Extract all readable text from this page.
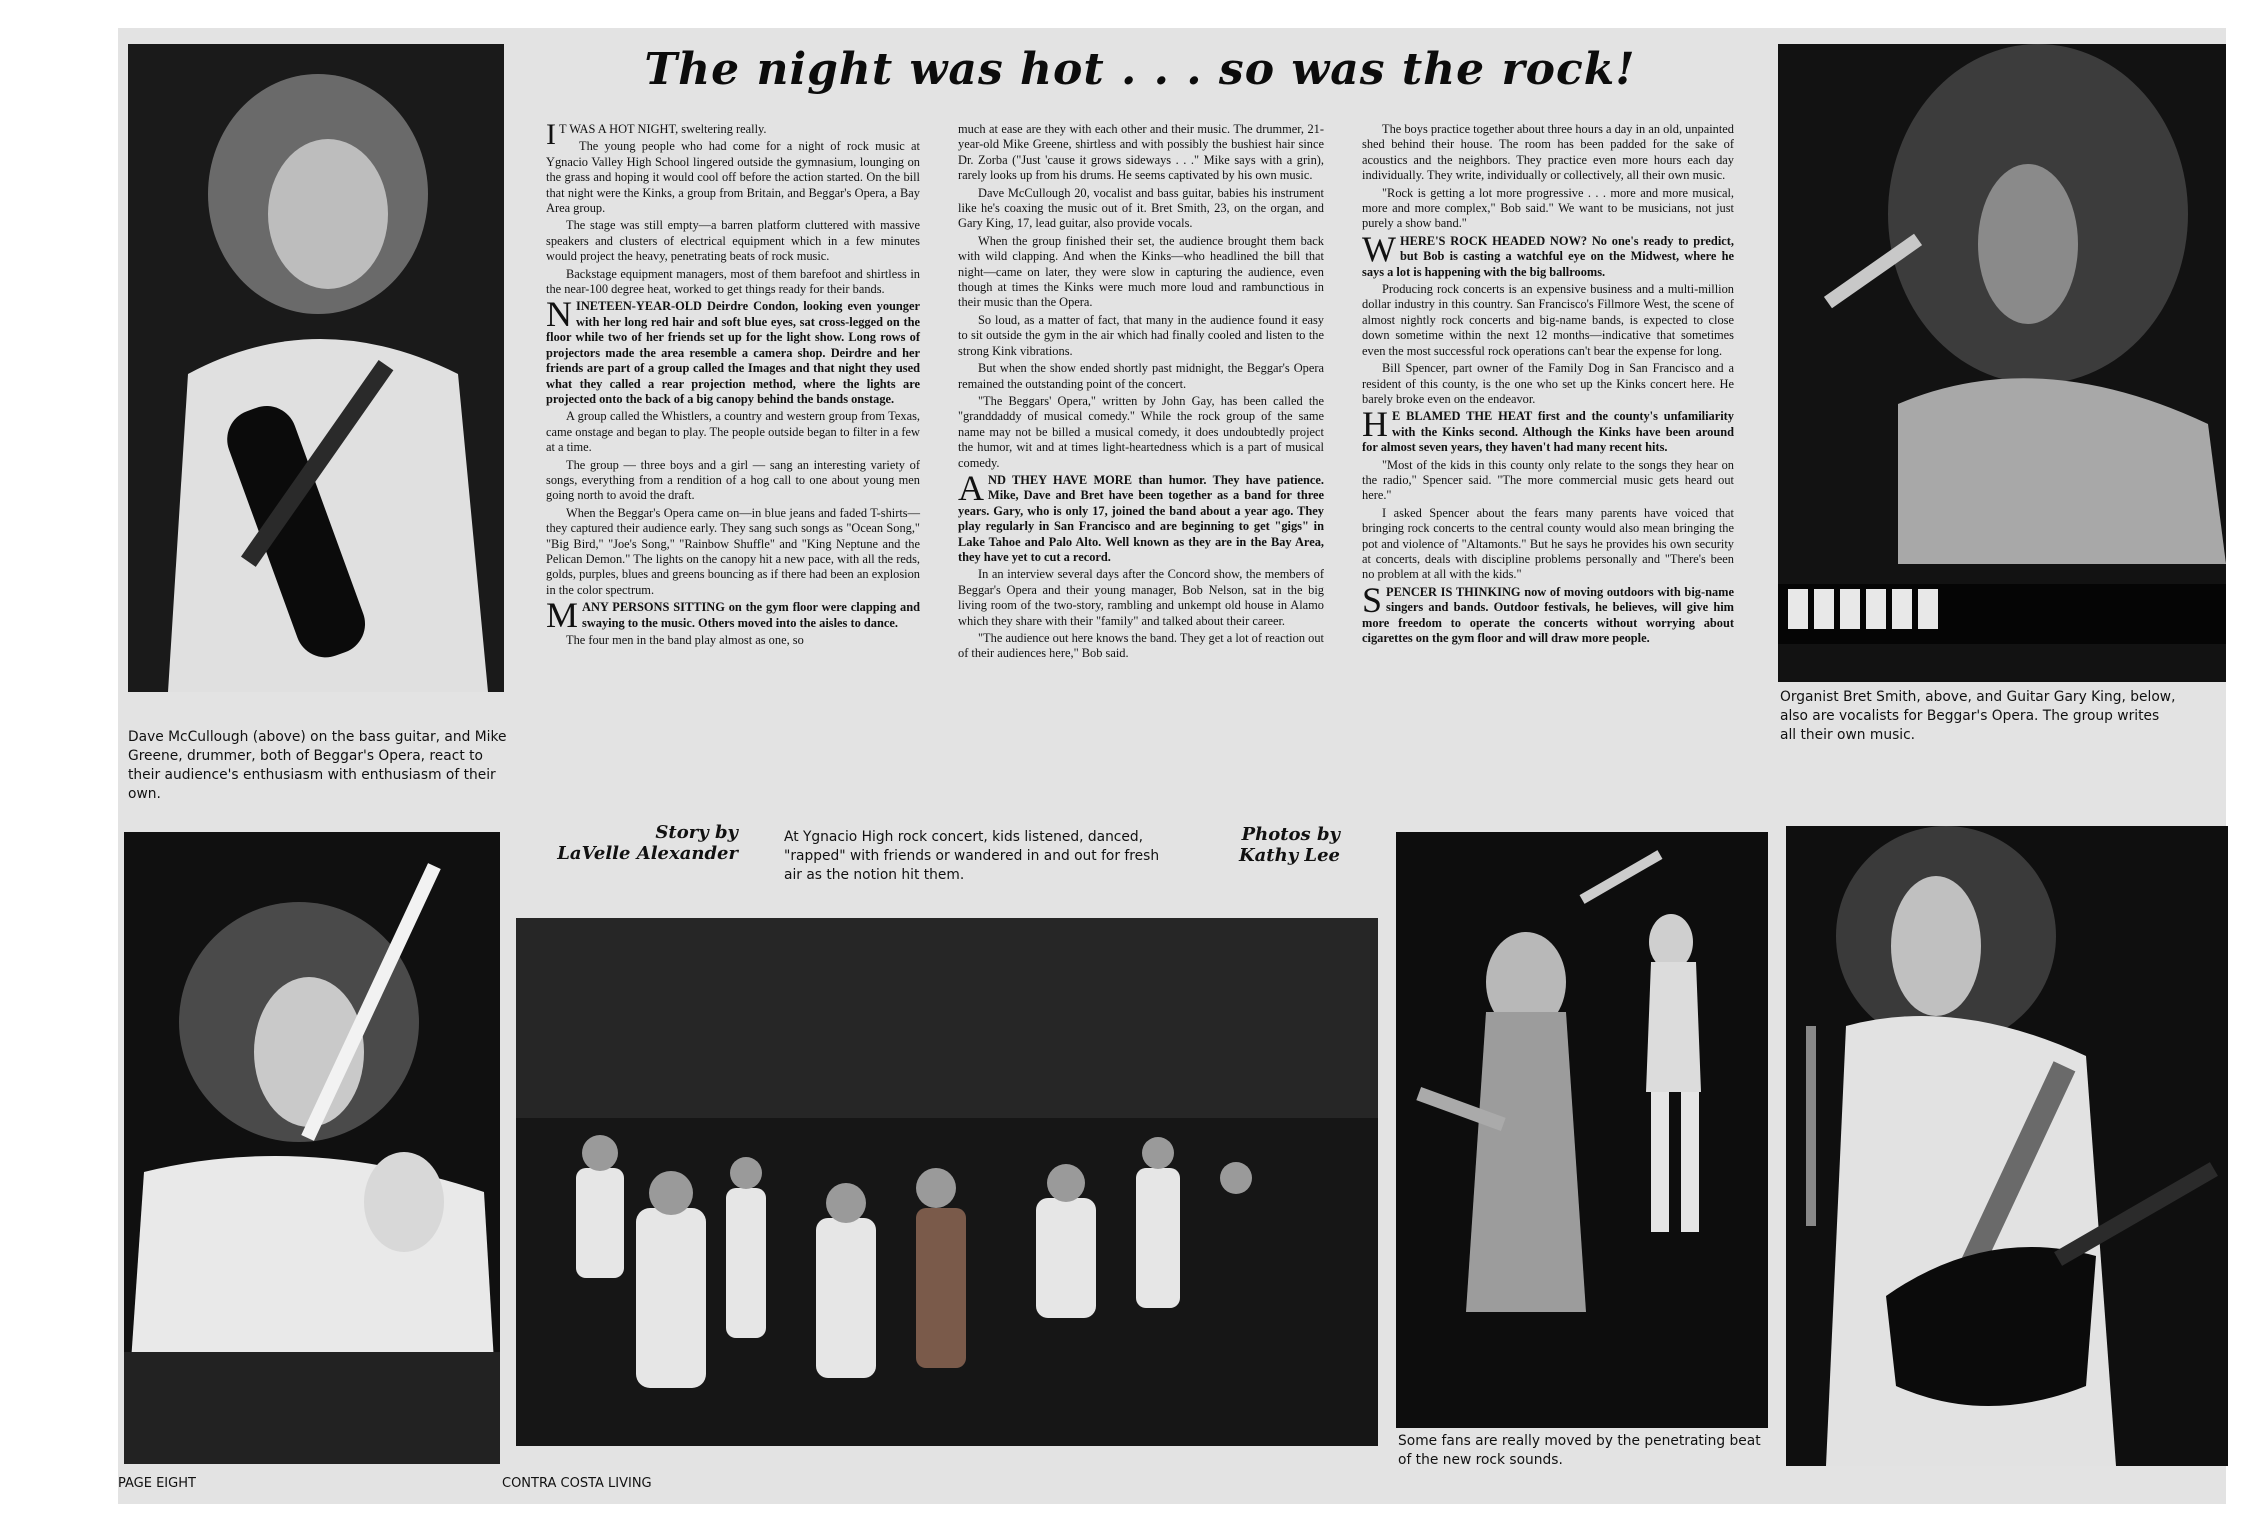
The night was hot . . . so was the rock!

I T WAS A HOT NIGHT, sweltering really.

The young people who had come for a night of rock music at Ygnacio Valley High School lingered outside the gymnasium, lounging on the grass and hoping it would cool off before the action started. On the bill that night were the Kinks, a group from Britain, and Beggar's Opera, a Bay Area group.

The stage was still empty—a barren platform cluttered with massive speakers and clusters of electrical equipment which in a few minutes would project the heavy, penetrating beats of rock music.

Backstage equipment managers, most of them barefoot and shirtless in the near-100 degree heat, worked to get things ready for their bands.

NINETEEN-YEAR-OLD Deirdre Condon, looking even younger with her long red hair and soft blue eyes, sat cross-legged on the floor while two of her friends set up for the light show. Long rows of projectors made the area resemble a camera shop. Deirdre and her friends are part of a group called the Images and that night they used what they called a rear projection method, where the lights are projected onto the back of a big canopy behind the bands onstage.

A group called the Whistlers, a country and western group from Texas, came onstage and began to play. The people outside began to filter in a few at a time.

The group — three boys and a girl — sang an interesting variety of songs, everything from a rendition of a hog call to one about young men going north to avoid the draft.

When the Beggar's Opera came on—in blue jeans and faded T-shirts—they captured their audience early. They sang such songs as "Ocean Song," "Big Bird," "Joe's Song," "Rainbow Shuffle" and "King Neptune and the Pelican Demon." The lights on the canopy hit a new pace, with all the reds, golds, purples, blues and greens bouncing as if there had been an explosion in the color spectrum.

MANY PERSONS SITTING on the gym floor were clapping and swaying to the music. Others moved into the aisles to dance.

The four men in the band play almost as one, so

much at ease are they with each other and their music. The drummer, 21-year-old Mike Greene, shirtless and with possibly the bushiest hair since Dr. Zorba ("Just 'cause it grows sideways . . ." Mike says with a grin), rarely looks up from his drums. He seems captivated by his own music.

Dave McCullough 20, vocalist and bass guitar, babies his instrument like he's coaxing the music out of it. Bret Smith, 23, on the organ, and Gary King, 17, lead guitar, also provide vocals.

When the group finished their set, the audience brought them back with wild clapping. And when the Kinks—who headlined the bill that night—came on later, they were slow in capturing the audience, even though at times the Kinks were much more loud and rambunctious in their music than the Opera.

So loud, as a matter of fact, that many in the audience found it easy to sit outside the gym in the air which had finally cooled and listen to the strong Kink vibrations.

But when the show ended shortly past midnight, the Beggar's Opera remained the outstanding point of the concert.

"The Beggars' Opera," written by John Gay, has been called the "granddaddy of musical comedy." While the rock group of the same name may not be billed a musical comedy, it does undoubtedly project the humor, wit and at times light-heartedness which is a part of musical comedy.

AND THEY HAVE MORE than humor. They have patience. Mike, Dave and Bret have been together as a band for three years. Gary, who is only 17, joined the band about a year ago. They play regularly in San Francisco and are beginning to get "gigs" in Lake Tahoe and Palo Alto. Well known as they are in the Bay Area, they have yet to cut a record.

In an interview several days after the Concord show, the members of Beggar's Opera and their young manager, Bob Nelson, sat in the big living room of the two-story, rambling and unkempt old house in Alamo which they share with their "family" and talked about their career.

"The audience out here knows the band. They get a lot of reaction out of their audiences here," Bob said.

The boys practice together about three hours a day in an old, unpainted shed behind their house. The room has been padded for the sake of acoustics and the neighbors. They practice even more hours each day individually. They write, individually or collectively, all their own music.

"Rock is getting a lot more progressive . . . more and more musical, more and more complex," Bob said." We want to be musicians, not just purely a show band."

WHERE'S ROCK HEADED NOW? No one's ready to predict, but Bob is casting a watchful eye on the Midwest, where he says a lot is happening with the big ballrooms.

Producing rock concerts is an expensive business and a multi-million dollar industry in this country. San Francisco's Fillmore West, the scene of almost nightly rock concerts and big-name bands, is expected to close down sometime within the next 12 months—indicative that sometimes even the most successful rock operations can't bear the expense for long.

Bill Spencer, part owner of the Family Dog in San Francisco and a resident of this county, is the one who set up the Kinks concert here. He barely broke even on the endeavor.

H E BLAMED THE HEAT first and the county's unfamiliarity with the Kinks second. Although the Kinks have been around for almost seven years, they haven't had many recent hits.

"Most of the kids in this county only relate to the songs they hear on the radio," Spencer said. "The more commercial music gets heard out here."

I asked Spencer about the fears many parents have voiced that bringing rock concerts to the central county would also mean bringing the pot and violence of "Altamonts." But he says he provides his own security at concerts, deals with discipline problems personally and "There's been no problem at all with the kids."

SPENCER IS THINKING now of moving outdoors with big-name singers and bands. Outdoor festivals, he believes, will give him more freedom to operate the concerts without worrying about cigarettes on the gym floor and will draw more people.

Dave McCullough (above) on the bass guitar, and Mike Greene, drummer, both of Beggar's Opera, react to their audience's enthusiasm with enthusiasm of their own.
Organist Bret Smith, above, and Guitar Gary King, below, also are vocalists for Beggar's Opera. The group writes all their own music.
At Ygnacio High rock concert, kids listened, danced, "rapped" with friends or wandered in and out for fresh air as the notion hit them.
Some fans are really moved by the penetrating beat of the new rock sounds.
Story by
LaVelle Alexander
Photos by
Kathy Lee
PAGE EIGHT	CONTRA COSTA LIVING
